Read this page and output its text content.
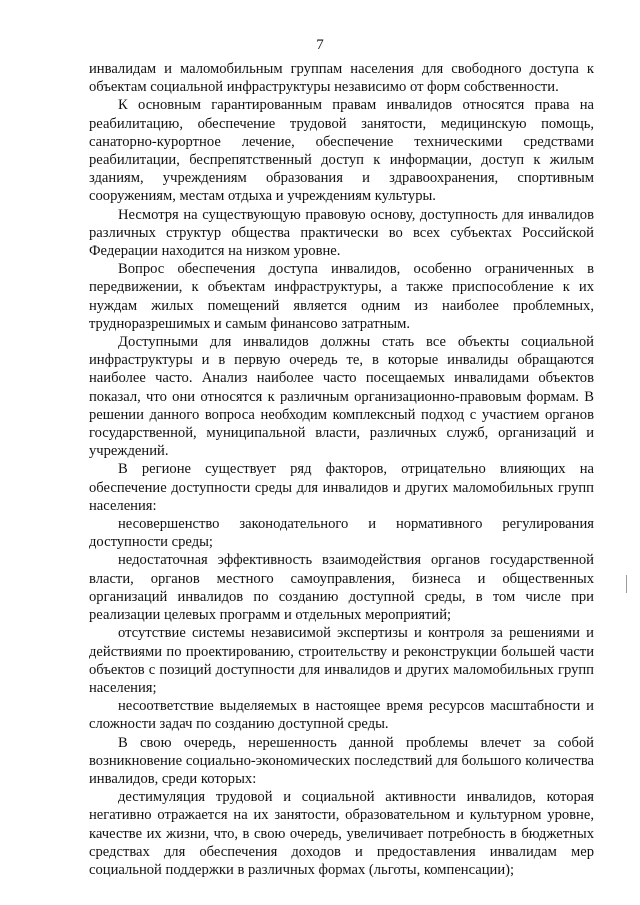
7

инвалидам и маломобильным группам населения для свободного доступа к объектам социальной инфраструктуры независимо от форм собственности.

К основным гарантированным правам инвалидов относятся права на реабилитацию, обеспечение трудовой занятости, медицинскую помощь, санаторно-курортное лечение, обеспечение техническими средствами реабилитации, беспрепятственный доступ к информации, доступ к жилым зданиям, учреждениям образования и здравоохранения, спортивным сооружениям, местам отдыха и учреждениям культуры.

Несмотря на существующую правовую основу, доступность для инвалидов различных структур общества практически во всех субъектах Российской Федерации находится на низком уровне.

Вопрос обеспечения доступа инвалидов, особенно ограниченных в передвижении, к объектам инфраструктуры, а также приспособление к их нуждам жилых помещений является одним из наиболее проблемных, трудноразрешимых и самым финансово затратным.

Доступными для инвалидов должны стать все объекты социальной инфраструктуры и в первую очередь те, в которые инвалиды обращаются наиболее часто. Анализ наиболее часто посещаемых инвалидами объектов показал, что они относятся к различным организационно-правовым формам. В решении данного вопроса необходим комплексный подход с участием органов государственной, муниципальной власти, различных служб, организаций и учреждений.

В регионе существует ряд факторов, отрицательно влияющих на обеспечение доступности среды для инвалидов и других маломобильных групп населения:

несовершенство законодательного и нормативного регулирования доступности среды;

недостаточная эффективность взаимодействия органов государственной власти, органов местного самоуправления, бизнеса и общественных организаций инвалидов по созданию доступной среды, в том числе при реализации целевых программ и отдельных мероприятий;

отсутствие системы независимой экспертизы и контроля за решениями и действиями по проектированию, строительству и реконструкции большей части объектов с позиций доступности для инвалидов и других маломобильных групп населения;

несоответствие выделяемых в настоящее время ресурсов масштабности и сложности задач по созданию доступной среды.

В свою очередь, нерешенность данной проблемы влечет за собой возникновение социально-экономических последствий для большого количества инвалидов, среди которых:

дестимуляция трудовой и социальной активности инвалидов, которая негативно отражается на их занятости, образовательном и культурном уровне, качестве их жизни, что, в свою очередь, увеличивает потребность в бюджетных средствах для обеспечения доходов и предоставления инвалидам мер социальной поддержки в различных формах (льготы, компенсации);
